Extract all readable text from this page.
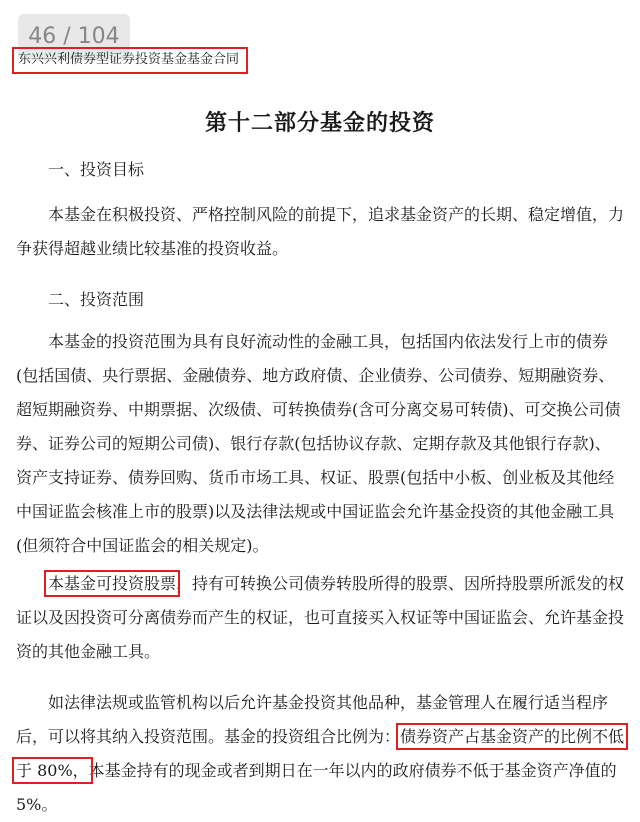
46 / 104
东兴兴利债券型证券投资基金基金合同
第十二部分基金的投资

一、投资目标

本基金在积极投资、严格控制风险的前提下，追求基金资产的长期、稳定增值，力争获得超越业绩比较基准的投资收益。

二、投资范围

本基金的投资范围为具有良好流动性的金融工具，包括国内依法发行上市的债券(包括国债、央行票据、金融债券、地方政府债、企业债券、公司债券、短期融资券、超短期融资券、中期票据、次级债、可转换债券(含可分离交易可转债)、可交换公司债券、证券公司的短期公司债)、银行存款(包括协议存款、定期存款及其他银行存款)、资产支持证券、债券回购、货币市场工具、权证、股票(包括中小板、创业板及其他经中国证监会核准上市的股票)以及法律法规或中国证监会允许基金投资的其他金融工具(但须符合中国证监会的相关规定)。

本基金可投资股票，持有可转换公司债券转股所得的股票、因所持股票所派发的权证以及因投资可分离债券而产生的权证，也可直接买入权证等中国证监会、允许基金投资的其他金融工具。

如法律法规或监管机构以后允许基金投资其他品种，基金管理人在履行适当程序后，可以将其纳入投资范围。基金的投资组合比例为：债券资产占基金资产的比例不低于 80%，本基金持有的现金或者到期日在一年以内的政府债券不低于基金资产净值的 5%。
